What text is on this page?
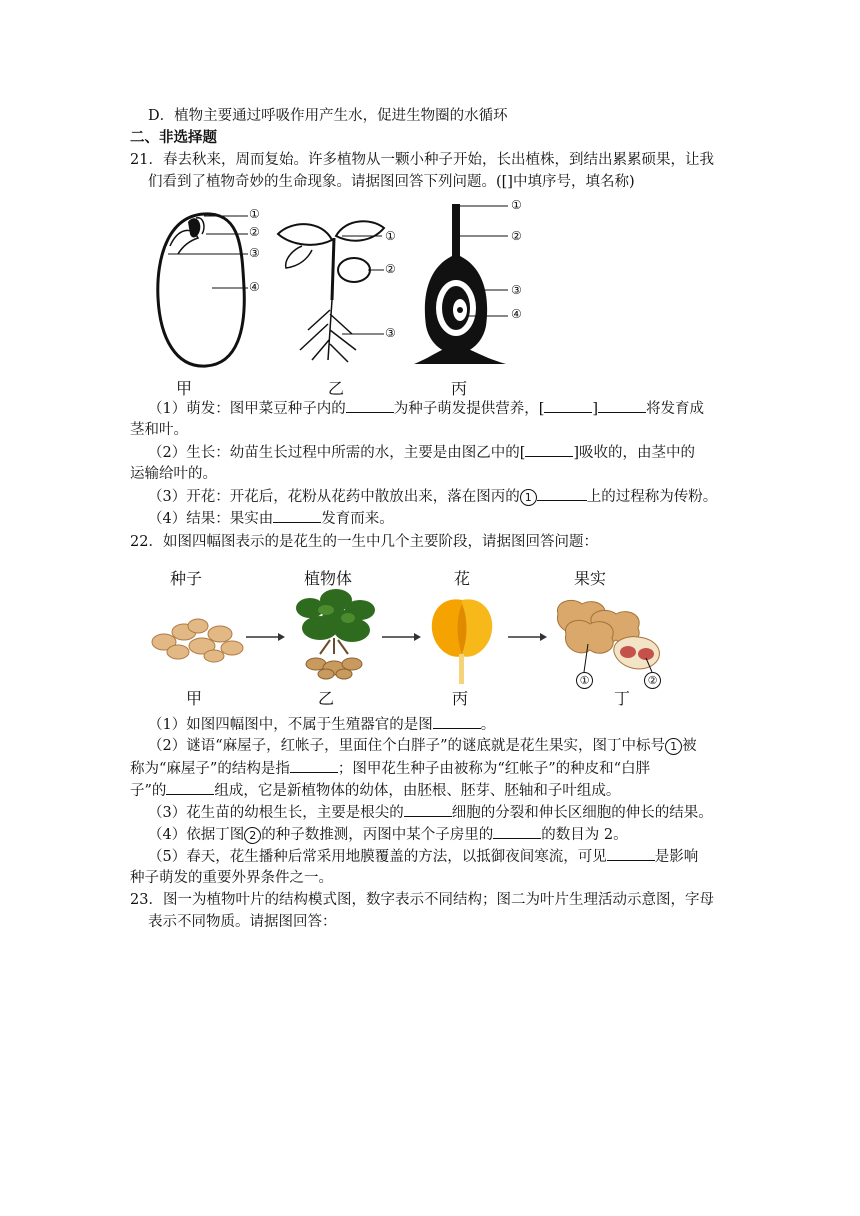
D．植物主要通过呼吸作用产生水，促进生物圈的水循环
二、非选择题
21．春去秋来，周而复始。许多植物从一颗小种子开始，长出植株，到结出累累硕果，让我
们看到了植物奇妙的生命现象。请据图回答下列问题。([]中填序号，填名称)
①
②
③
④
①
②
③
①
②
③
④
甲	乙	丙
（1）萌发：图甲菜豆种子内的	为种子萌发提供营养，[	]	将发育成
茎和叶。
（2）生长：幼苗生长过程中所需的水，主要是由图乙中的[	]吸收的，由茎中的
运输给叶的。
（3）开花：开花后，花粉从花药中散放出来，落在图丙的 1	上的过程称为传粉。
（4）结果：果实由	发育而来。
22．如图四幅图表示的是花生的一生中几个主要阶段，请据图回答问题：
种子	植物体	花	果实
①	②
甲	乙	丙	丁
（1）如图四幅图中，不属于生殖器官的是图	。
（2）谜语“麻屋子，红帐子，里面住个白胖子”的谜底就是花生果实，图丁中标号 1 被
称为“麻屋子”的结构是指	；图甲花生种子由被称为“红帐子”的种皮和“白胖
子”的	组成，它是新植物体的幼体，由胚根、胚芽、胚轴和子叶组成。
（3）花生苗的幼根生长，主要是根尖的	细胞的分裂和伸长区细胞的伸长的结果。
（4）依据丁图 2 的种子数推测，丙图中某个子房里的	的数目为 2。
（5）春天，花生播种后常采用地膜覆盖的方法，以抵御夜间寒流，可见	是影响
种子萌发的重要外界条件之一。
23．图一为植物叶片的结构模式图，数字表示不同结构；图二为叶片生理活动示意图，字母
表示不同物质。请据图回答：
